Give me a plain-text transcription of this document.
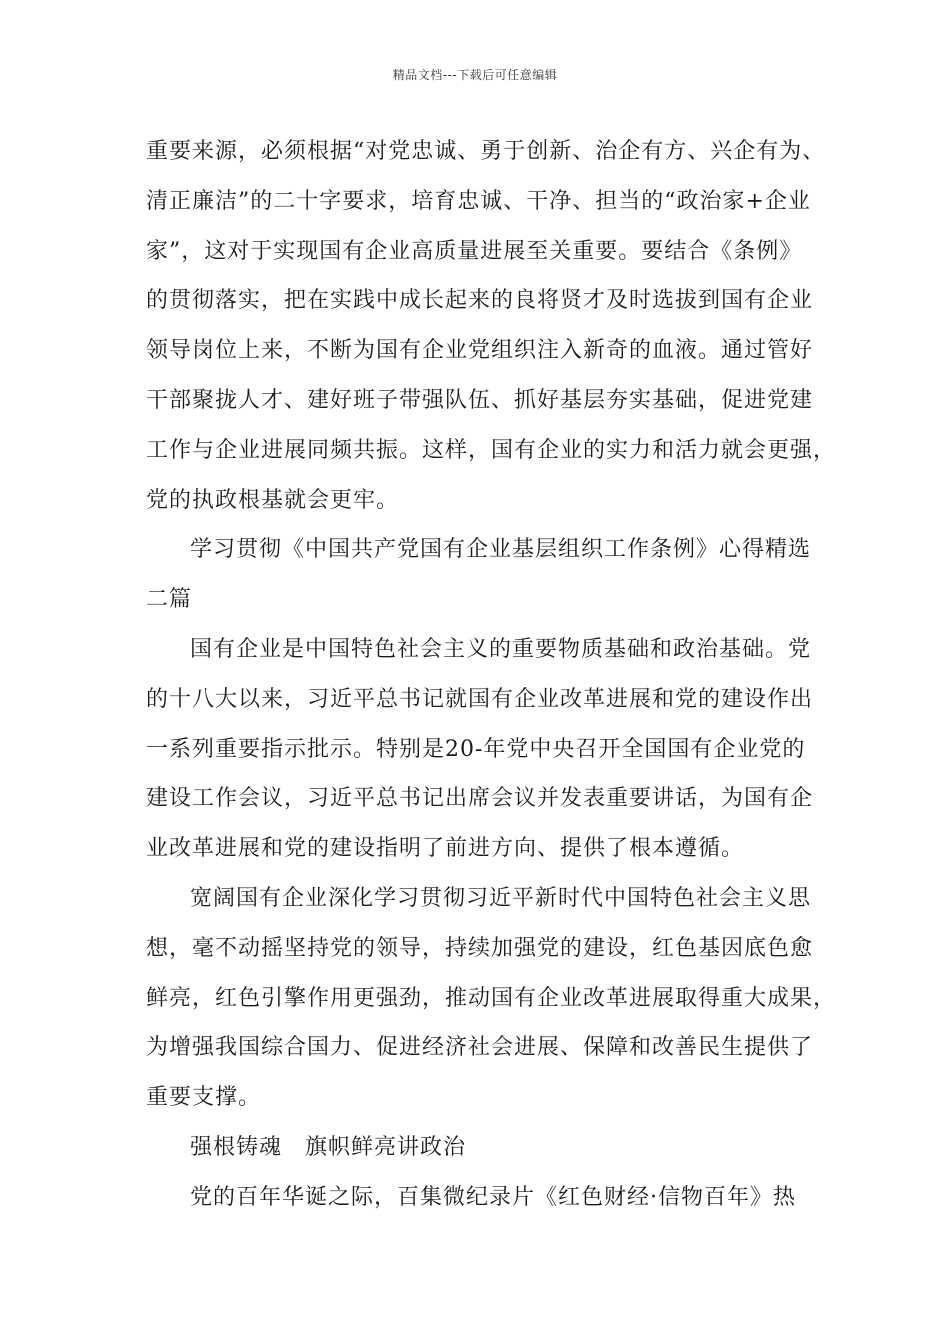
精品文档---下载后可任意编辑
重要来源，必须根据“对党忠诚、勇于创新、治企有方、兴企有为、
清正廉洁”的二十字要求，培育忠诚、干净、担当的“政治家+企业
家”，这对于实现国有企业高质量进展至关重要。要结合《条例》
的贯彻落实，把在实践中成长起来的良将贤才及时选拔到国有企业
领导岗位上来，不断为国有企业党组织注入新奇的血液。通过管好
干部聚拢人才、建好班子带强队伍、抓好基层夯实基础，促进党建
工作与企业进展同频共振。这样，国有企业的实力和活力就会更强，
党的执政根基就会更牢。
学习贯彻《中国共产党国有企业基层组织工作条例》心得精选
二篇
国有企业是中国特色社会主义的重要物质基础和政治基础。党
的十八大以来，习近平总书记就国有企业改革进展和党的建设作出
一系列重要指示批示。特别是20-年党中央召开全国国有企业党的
建设工作会议，习近平总书记出席会议并发表重要讲话，为国有企
业改革进展和党的建设指明了前进方向、提供了根本遵循。
宽阔国有企业深化学习贯彻习近平新时代中国特色社会主义思
想，毫不动摇坚持党的领导，持续加强党的建设，红色基因底色愈
鲜亮，红色引擎作用更强劲，推动国有企业改革进展取得重大成果，
为增强我国综合国力、促进经济社会进展、保障和改善民生提供了
重要支撑。
强根铸魂　旗帜鲜亮讲政治
党的百年华诞之际，百集微纪录片《红色财经·信物百年》热
